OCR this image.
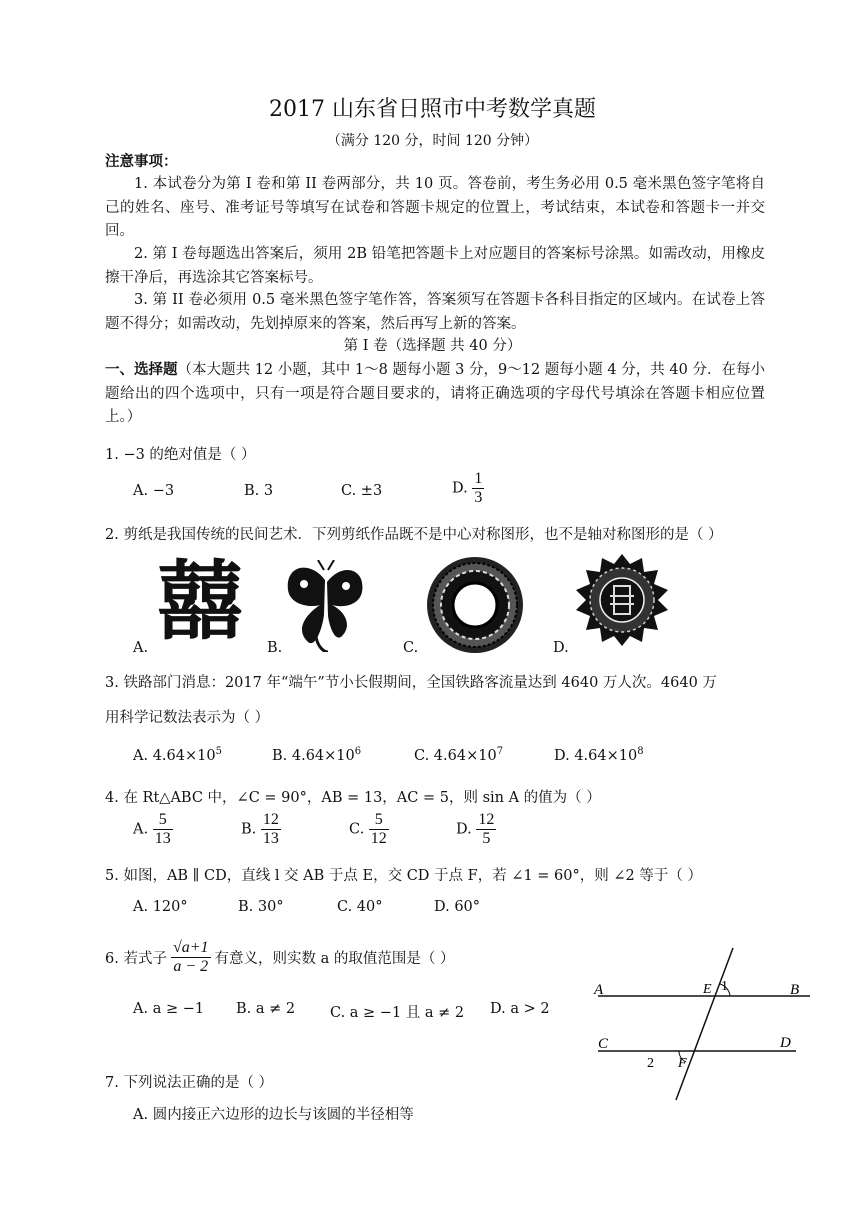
2017 山东省日照市中考数学真题
（满分 120 分，时间 120 分钟）
注意事项：
1. 本试卷分为第 I 卷和第 II 卷两部分，共 10 页。答卷前，考生务必用 0.5 毫米黑色签字笔将自己的姓名、座号、准考证号等填写在试卷和答题卡规定的位置上，考试结束，本试卷和答题卡一并交回。
2. 第 I 卷每题选出答案后，须用 2B 铅笔把答题卡上对应题目的答案标号涂黑。如需改动，用橡皮擦干净后，再选涂其它答案标号。
3. 第 II 卷必须用 0.5 毫米黑色签字笔作答，答案须写在答题卡各科目指定的区域内。在试卷上答题不得分；如需改动，先划掉原来的答案，然后再写上新的答案。
第 I 卷（选择题 共 40 分）
一、选择题（本大题共 12 小题，其中 1～8 题每小题 3 分，9～12 题每小题 4 分，共 40 分．在每小题给出的四个选项中，只有一项是符合题目要求的，请将正确选项的字母代号填涂在答题卡相应位置上。）
1. −3 的绝对值是（ ）
A. −3	B. 3	C. ±3	D. $\frac{1}{3}$
2. 剪纸是我国传统的民间艺术．下列剪纸作品既不是中心对称图形，也不是轴对称图形的是（ ）
囍
A.	B.	C.	D.
3. 铁路部门消息：2017 年“端午”节小长假期间，全国铁路客流量达到 4640 万人次。4640 万
用科学记数法表示为（ ）
A. $4.64\times 10^5$	B. $4.64\times 10^6$	C. $4.64\times 10^7$	D. $4.64\times 10^8$
4. 在 Rt△ABC 中，∠C = 90°，AB = 13，AC = 5，则 sin A 的值为（ ）
A. $\frac{5}{13}$	B. $\frac{12}{13}$	C. $\frac{5}{12}$	D. $\frac{12}{5}$
5. 如图，AB ∥ CD，直线 l 交 AB 于点 E，交 CD 于点 F，若 ∠1 = 60°，则 ∠2 等于（ ）
A. 120°	B. 30°	C. 40°	D. 60°
6. 若式子 $\frac{√a+1}{a - 2}$ 有意义，则实数 a 的取值范围是（ ）
A. a ≥ −1 B. a ≠ 2 C. a ≥ −1 且 a ≠ 2 D. a > 2
A	B
C	D
E
F
1
2
7. 下列说法正确的是（ ）
A. 圆内接正六边形的边长与该圆的半径相等
